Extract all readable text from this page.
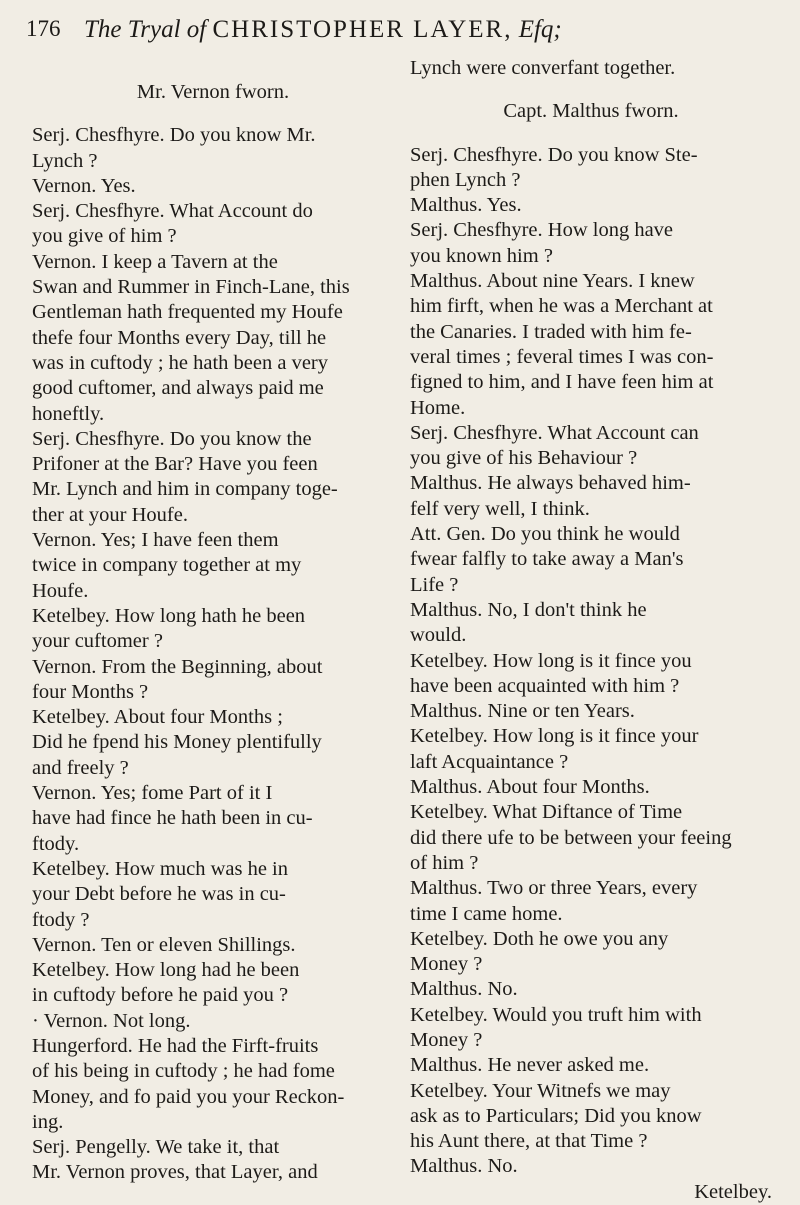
176 The Tryal of CHRISTOPHER LAYER, Efq;
Mr. Vernon fworn.
Serj. Chesfhyre. Do you know Mr.
Lynch ?
Vernon. Yes.
Serj. Chesfhyre. What Account do
you give of him ?
Vernon. I keep a Tavern at the
Swan and Rummer in Finch-Lane, this
Gentleman hath frequented my Houfe
thefe four Months every Day, till he
was in cuftody ; he hath been a very
good cuftomer, and always paid me
honeftly.
Serj. Chesfhyre. Do you know the
Prifoner at the Bar? Have you feen
Mr. Lynch and him in company toge-
ther at your Houfe.
Vernon. Yes; I have feen them
twice in company together at my
Houfe.
Ketelbey. How long hath he been
your cuftomer ?
Vernon. From the Beginning, about
four Months ?
Ketelbey. About four Months ;
Did he fpend his Money plentifully
and freely ?
Vernon. Yes; fome Part of it I
have had fince he hath been in cu-
ftody.
Ketelbey. How much was he in
your Debt before he was in cu-
ftody ?
Vernon. Ten or eleven Shillings.
Ketelbey. How long had he been
in cuftody before he paid you ?
· Vernon. Not long.
Hungerford. He had the Firft-fruits
of his being in cuftody ; he had fome
Money, and fo paid you your Reckon-
ing.
Serj. Pengelly. We take it, that
Mr. Vernon proves, that Layer, and
Lynch were converfant together.
Capt. Malthus fworn.
Serj. Chesfhyre. Do you know Ste-
phen Lynch ?
Malthus. Yes.
Serj. Chesfhyre. How long have
you known him ?
Malthus. About nine Years. I knew
him firft, when he was a Merchant at
the Canaries. I traded with him fe-
veral times ; feveral times I was con-
figned to him, and I have feen him at
Home.
Serj. Chesfhyre. What Account can
you give of his Behaviour ?
Malthus. He always behaved him-
felf very well, I think.
Att. Gen. Do you think he would
fwear falfly to take away a Man's
Life ?
Malthus. No, I don't think he
would.
Ketelbey. How long is it fince you
have been acquainted with him ?
Malthus. Nine or ten Years.
Ketelbey. How long is it fince your
laft Acquaintance ?
Malthus. About four Months.
Ketelbey. What Diftance of Time
did there ufe to be between your feeing
of him ?
Malthus. Two or three Years, every
time I came home.
Ketelbey. Doth he owe you any
Money ?
Malthus. No.
Ketelbey. Would you truft him with
Money ?
Malthus. He never asked me.
Ketelbey. Your Witnefs we may
ask as to Particulars; Did you know
his Aunt there, at that Time ?
Malthus. No.
Ketelbey.
